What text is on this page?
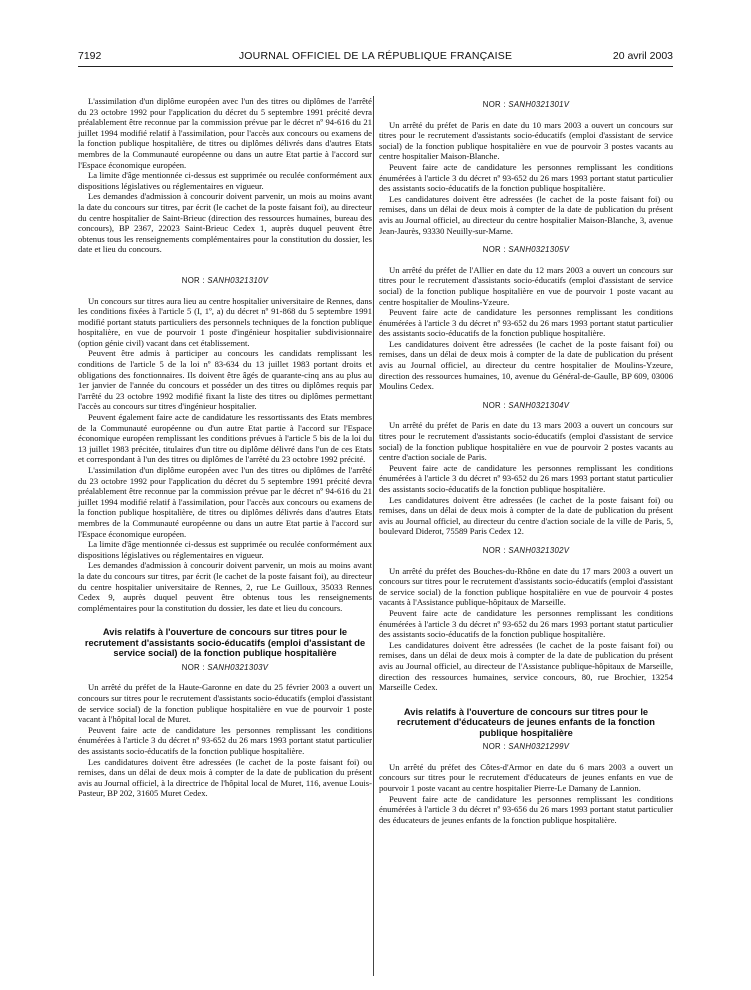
7192	JOURNAL OFFICIEL DE LA RÉPUBLIQUE FRANÇAISE	20 avril 2003

L'assimilation d'un diplôme européen avec l'un des titres ou diplômes de l'arrêté du 23 octobre 1992 pour l'application du décret du 5 septembre 1991 précité devra préalablement être reconnue par la commission prévue par le décret nº 94-616 du 21 juillet 1994 modifié relatif à l'assimilation, pour l'accès aux concours ou examens de la fonction publique hospitalière, de titres ou diplômes délivrés dans d'autres Etats membres de la Communauté européenne ou dans un autre Etat partie à l'accord sur l'Espace économique européen.

La limite d'âge mentionnée ci-dessus est supprimée ou reculée conformément aux dispositions législatives ou réglementaires en vigueur.

Les demandes d'admission à concourir doivent parvenir, un mois au moins avant la date du concours sur titres, par écrit (le cachet de la poste faisant foi), au directeur du centre hospitalier de Saint-Brieuc (direction des ressources humaines, bureau des concours), BP 2367, 22023 Saint-Brieuc Cedex 1, auprès duquel peuvent être obtenus tous les renseignements complémentaires pour la constitution du dossier, les date et lieu du concours.

NOR : SANH0321310V

Un concours sur titres aura lieu au centre hospitalier universitaire de Rennes, dans les conditions fixées à l'article 5 (I, 1º, a) du décret nº 91-868 du 5 septembre 1991 modifié portant statuts particuliers des personnels techniques de la fonction publique hospitalière, en vue de pourvoir 1 poste d'ingénieur hospitalier subdivisionnaire (option génie civil) vacant dans cet établissement.

Peuvent être admis à participer au concours les candidats remplissant les conditions de l'article 5 de la loi nº 83-634 du 13 juillet 1983 portant droits et obligations des fonctionnaires. Ils doivent être âgés de quarante-cinq ans au plus au 1er janvier de l'année du concours et posséder un des titres ou diplômes requis par l'arrêté du 23 octobre 1992 modifié fixant la liste des titres ou diplômes permettant l'accès au concours sur titres d'ingénieur hospitalier.

Peuvent également faire acte de candidature les ressortissants des Etats membres de la Communauté européenne ou d'un autre Etat partie à l'accord sur l'Espace économique européen remplissant les conditions prévues à l'article 5 bis de la loi du 13 juillet 1983 précitée, titulaires d'un titre ou diplôme délivré dans l'un de ces Etats et correspondant à l'un des titres ou diplômes de l'arrêté du 23 octobre 1992 précité.

L'assimilation d'un diplôme européen avec l'un des titres ou diplômes de l'arrêté du 23 octobre 1992 pour l'application du décret du 5 septembre 1991 précité devra préalablement être reconnue par la commission prévue par le décret nº 94-616 du 21 juillet 1994 modifié relatif à l'assimilation, pour l'accès aux concours ou examens de la fonction publique hospitalière, de titres ou diplômes délivrés dans d'autres Etats membres de la Communauté européenne ou dans un autre Etat partie à l'accord sur l'Espace économique européen.

La limite d'âge mentionnée ci-dessus est supprimée ou reculée conformément aux dispositions législatives ou réglementaires en vigueur.

Les demandes d'admission à concourir doivent parvenir, un mois au moins avant la date du concours sur titres, par écrit (le cachet de la poste faisant foi), au directeur du centre hospitalier universitaire de Rennes, 2, rue Le Guilloux, 35033 Rennes Cedex 9, auprès duquel peuvent être obtenus tous les renseignements complémentaires pour la constitution du dossier, les date et lieu du concours.

Avis relatifs à l'ouverture de concours sur titres pour le recrutement d'assistants socio-éducatifs (emploi d'assistant de service social) de la fonction publique hospitalière
NOR : SANH0321303V

Un arrêté du préfet de la Haute-Garonne en date du 25 février 2003 a ouvert un concours sur titres pour le recrutement d'assistants socio-éducatifs (emploi d'assistant de service social) de la fonction publique hospitalière en vue de pourvoir 1 poste vacant à l'hôpital local de Muret.

Peuvent faire acte de candidature les personnes remplissant les conditions énumérées à l'article 3 du décret nº 93-652 du 26 mars 1993 portant statut particulier des assistants socio-éducatifs de la fonction publique hospitalière.

Les candidatures doivent être adressées (le cachet de la poste faisant foi) ou remises, dans un délai de deux mois à compter de la date de publication du présent avis au Journal officiel, à la directrice de l'hôpital local de Muret, 116, avenue Louis-Pasteur, BP 202, 31605 Muret Cedex.

NOR : SANH0321301V

Un arrêté du préfet de Paris en date du 10 mars 2003 a ouvert un concours sur titres pour le recrutement d'assistants socio-éducatifs (emploi d'assistant de service social) de la fonction publique hospitalière en vue de pourvoir 3 postes vacants au centre hospitalier Maison-Blanche.

Peuvent faire acte de candidature les personnes remplissant les conditions énumérées à l'article 3 du décret nº 93-652 du 26 mars 1993 portant statut particulier des assistants socio-éducatifs de la fonction publique hospitalière.

Les candidatures doivent être adressées (le cachet de la poste faisant foi) ou remises, dans un délai de deux mois à compter de la date de publication du présent avis au Journal officiel, au directeur du centre hospitalier Maison-Blanche, 3, avenue Jean-Jaurès, 93330 Neuilly-sur-Marne.

NOR : SANH0321305V

Un arrêté du préfet de l'Allier en date du 12 mars 2003 a ouvert un concours sur titres pour le recrutement d'assistants socio-éducatifs (emploi d'assistant de service social) de la fonction publique hospitalière en vue de pourvoir 1 poste vacant au centre hospitalier de Moulins-Yzeure.

Peuvent faire acte de candidature les personnes remplissant les conditions énumérées à l'article 3 du décret nº 93-652 du 26 mars 1993 portant statut particulier des assistants socio-éducatifs de la fonction publique hospitalière.

Les candidatures doivent être adressées (le cachet de la poste faisant foi) ou remises, dans un délai de deux mois à compter de la date de publication du présent avis au Journal officiel, au directeur du centre hospitalier de Moulins-Yzeure, direction des ressources humaines, 10, avenue du Général-de-Gaulle, BP 609, 03006 Moulins Cedex.

NOR : SANH0321304V

Un arrêté du préfet de Paris en date du 13 mars 2003 a ouvert un concours sur titres pour le recrutement d'assistants socio-éducatifs (emploi d'assistant de service social) de la fonction publique hospitalière en vue de pourvoir 2 postes vacants au centre d'action sociale de Paris.

Peuvent faire acte de candidature les personnes remplissant les conditions énumérées à l'article 3 du décret nº 93-652 du 26 mars 1993 portant statut particulier des assistants socio-éducatifs de la fonction publique hospitalière.

Les candidatures doivent être adressées (le cachet de la poste faisant foi) ou remises, dans un délai de deux mois à compter de la date de publication du présent avis au Journal officiel, au directeur du centre d'action sociale de la ville de Paris, 5, boulevard Diderot, 75589 Paris Cedex 12.

NOR : SANH0321302V

Un arrêté du préfet des Bouches-du-Rhône en date du 17 mars 2003 a ouvert un concours sur titres pour le recrutement d'assistants socio-éducatifs (emploi d'assistant de service social) de la fonction publique hospitalière en vue de pourvoir 4 postes vacants à l'Assistance publique-hôpitaux de Marseille.

Peuvent faire acte de candidature les personnes remplissant les conditions énumérées à l'article 3 du décret nº 93-652 du 26 mars 1993 portant statut particulier des assistants socio-éducatifs de la fonction publique hospitalière.

Les candidatures doivent être adressées (le cachet de la poste faisant foi) ou remises, dans un délai de deux mois à compter de la date de publication du présent avis au Journal officiel, au directeur de l'Assistance publique-hôpitaux de Marseille, direction des ressources humaines, service concours, 80, rue Brochier, 13254 Marseille Cedex.

Avis relatifs à l'ouverture de concours sur titres pour le recrutement d'éducateurs de jeunes enfants de la fonction publique hospitalière
NOR : SANH0321299V

Un arrêté du préfet des Côtes-d'Armor en date du 6 mars 2003 a ouvert un concours sur titres pour le recrutement d'éducateurs de jeunes enfants en vue de pourvoir 1 poste vacant au centre hospitalier Pierre-Le Damany de Lannion.

Peuvent faire acte de candidature les personnes remplissant les conditions énumérées à l'article 3 du décret nº 93-656 du 26 mars 1993 portant statut particulier des éducateurs de jeunes enfants de la fonction publique hospitalière.
